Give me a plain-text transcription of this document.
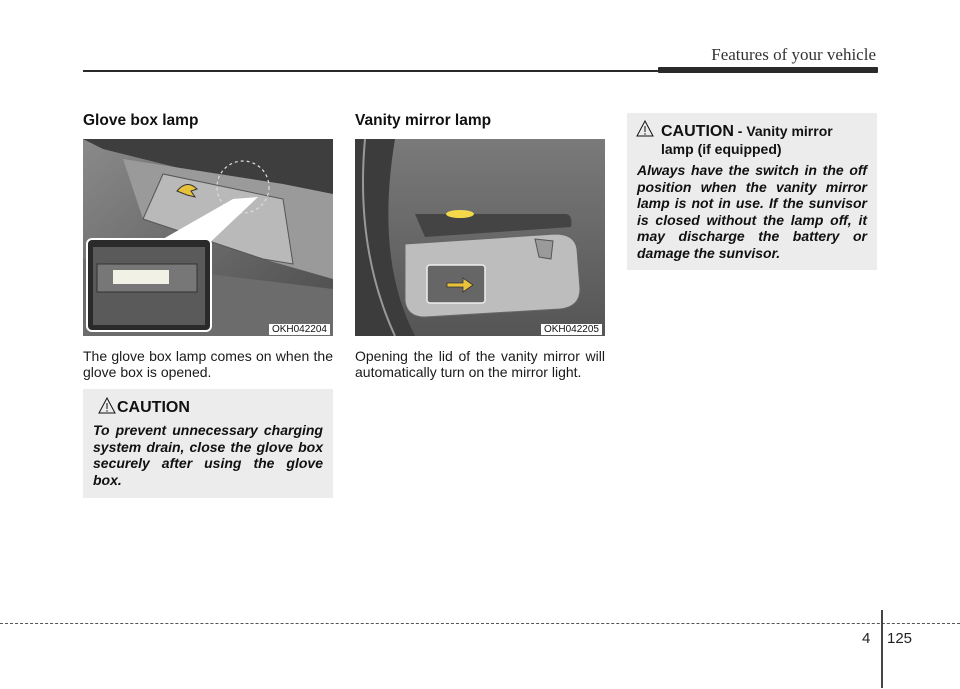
Features of your vehicle
Glove box lamp
OKH042204
The glove box lamp comes on when the glove box is opened.
CAUTION
To prevent unnecessary charging system drain, close the glove box securely after using the glove box.
Vanity mirror lamp
OKH042205
Opening the lid of the vanity mirror will automatically turn on the mirror light.
CAUTION - Vanity mirror
lamp (if equipped)
Always have the switch in the off position when the vanity mirror lamp is not in use. If the sunvisor is closed without the lamp off, it may discharge the battery or damage the sunvisor.
4 125
